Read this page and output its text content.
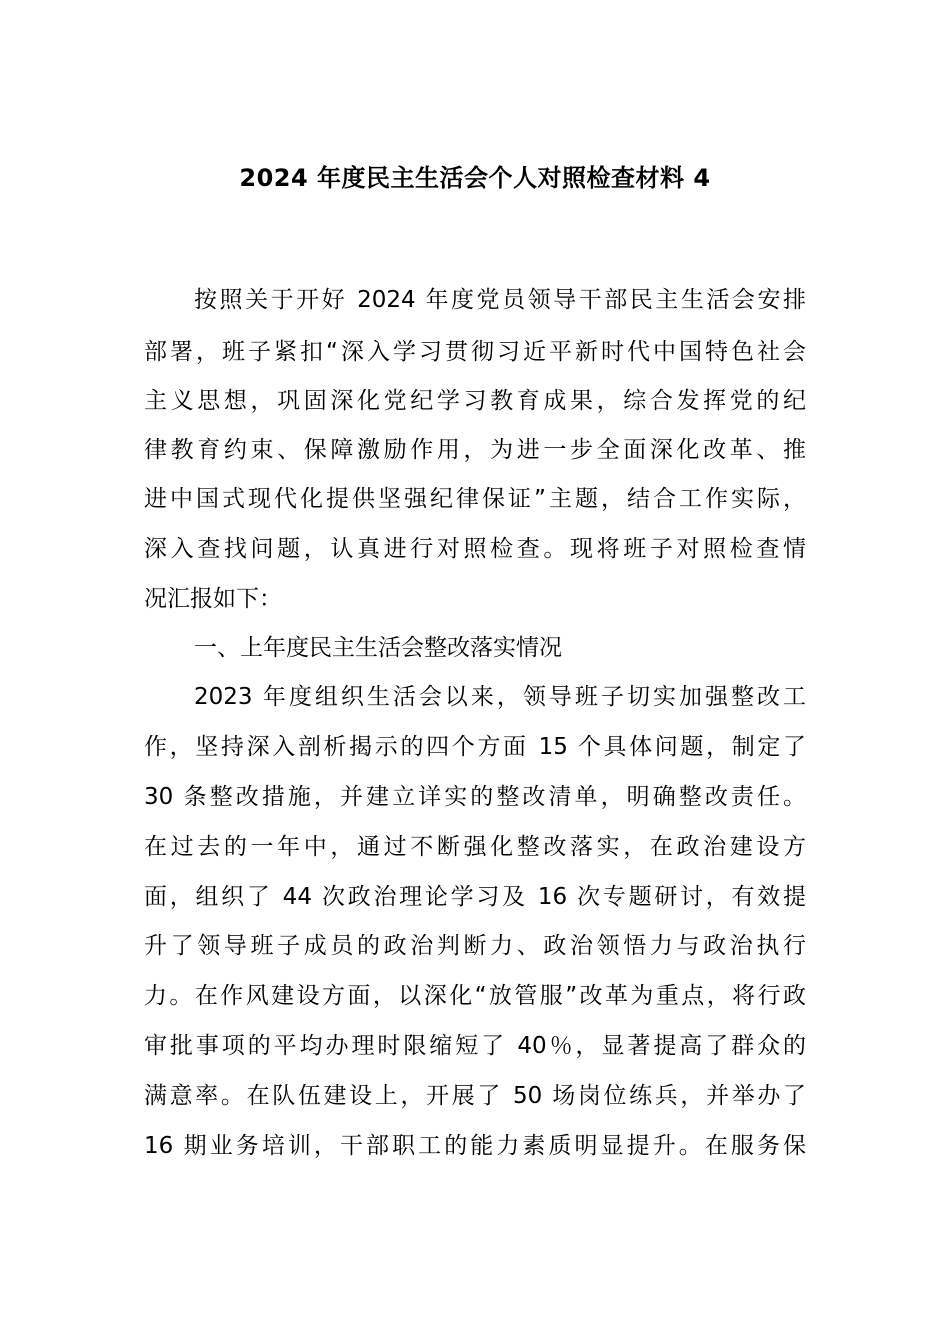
2024 年度民主生活会个人对照检查材料 4
按照关于开好 2024 年度党员领导干部民主生活会安排
部署，班子紧扣“深入学习贯彻习近平新时代中国特色社会
主义思想，巩固深化党纪学习教育成果，综合发挥党的纪
律教育约束、保障激励作用，为进一步全面深化改革、推
进中国式现代化提供坚强纪律保证”主题，结合工作实际，
深入查找问题，认真进行对照检查。现将班子对照检查情
况汇报如下：
一、上年度民主生活会整改落实情况
2023 年度组织生活会以来，领导班子切实加强整改工
作，坚持深入剖析揭示的四个方面 15 个具体问题，制定了
30 条整改措施，并建立详实的整改清单，明确整改责任。
在过去的一年中，通过不断强化整改落实，在政治建设方
面，组织了 44 次政治理论学习及 16 次专题研讨，有效提
升了领导班子成员的政治判断力、政治领悟力与政治执行
力。在作风建设方面，以深化“放管服”改革为重点，将行政
审批事项的平均办理时限缩短了 40％，显著提高了群众的
满意率。在队伍建设上，开展了 50 场岗位练兵，并举办了
16 期业务培训，干部职工的能力素质明显提升。在服务保
